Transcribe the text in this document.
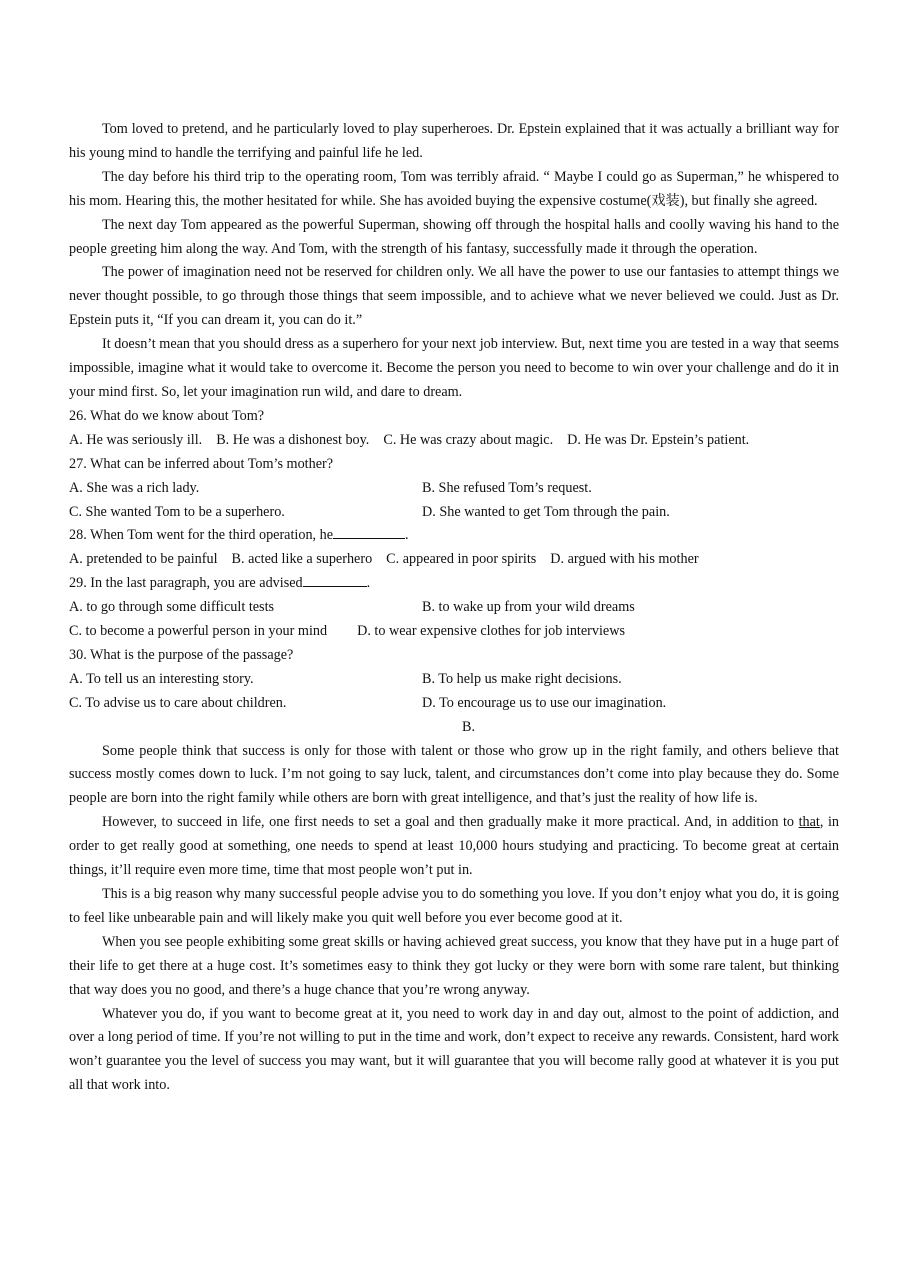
Tom loved to pretend, and he particularly loved to play superheroes. Dr. Epstein explained that it was actually a brilliant way for his young mind to handle the terrifying and painful life he led.

The day before his third trip to the operating room, Tom was terribly afraid. “ Maybe I could go as Superman,” he whispered to his mom. Hearing this, the mother hesitated for while. She has avoided buying the expensive costume(戏装), but finally she agreed.

The next day Tom appeared as the powerful Superman, showing off through the hospital halls and coolly waving his hand to the people greeting him along the way. And Tom, with the strength of his fantasy, successfully made it through the operation.

The power of imagination need not be reserved for children only. We all have the power to use our fantasies to attempt things we never thought possible, to go through those things that seem impossible, and to achieve what we never believed we could. Just as Dr. Epstein puts it, “If you can dream it, you can do it.”

It doesn’t mean that you should dress as a superhero for your next job interview. But, next time you are tested in a way that seems impossible, imagine what it would take to overcome it. Become the person you need to become to win over your challenge and do it in your mind first. So, let your imagination run wild, and dare to dream.

26. What do we know about Tom?

A. He was seriously ill. B. He was a dishonest boy. C. He was crazy about magic. D. He was Dr. Epstein’s patient.

27. What can be inferred about Tom’s mother?

A. She was a rich lady.	B. She refused Tom’s request.
C. She wanted Tom to be a superhero.	D. She wanted to get Tom through the pain.

28. When Tom went for the third operation, he	.

A. pretended to be painful B. acted like a superhero C. appeared in poor spirits D. argued with his mother

29. In the last paragraph, you are advised	.

A. to go through some difficult tests	B. to wake up from your wild dreams
C. to become a powerful person in your mind D. to wear expensive clothes for job interviews

30. What is the purpose of the passage?

A. To tell us an interesting story.	B. To help us make right decisions.
C. To advise us to care about children.	D. To encourage us to use our imagination.

B.

Some people think that success is only for those with talent or those who grow up in the right family, and others believe that success mostly comes down to luck. I’m not going to say luck, talent, and circumstances don’t come into play because they do. Some people are born into the right family while others are born with great intelligence, and that’s just the reality of how life is.

However, to succeed in life, one first needs to set a goal and then gradually make it more practical. And, in addition to that, in order to get really good at something, one needs to spend at least 10,000 hours studying and practicing. To become great at certain things, it’ll require even more time, time that most people won’t put in.

This is a big reason why many successful people advise you to do something you love. If you don’t enjoy what you do, it is going to feel like unbearable pain and will likely make you quit well before you ever become good at it.

When you see people exhibiting some great skills or having achieved great success, you know that they have put in a huge part of their life to get there at a huge cost. It’s sometimes easy to think they got lucky or they were born with some rare talent, but thinking that way does you no good, and there’s a huge chance that you’re wrong anyway.

Whatever you do, if you want to become great at it, you need to work day in and day out, almost to the point of addiction, and over a long period of time. If you’re not willing to put in the time and work, don’t expect to receive any rewards. Consistent, hard work won’t guarantee you the level of success you may want, but it will guarantee that you will become rally good at whatever it is you put all that work into.
